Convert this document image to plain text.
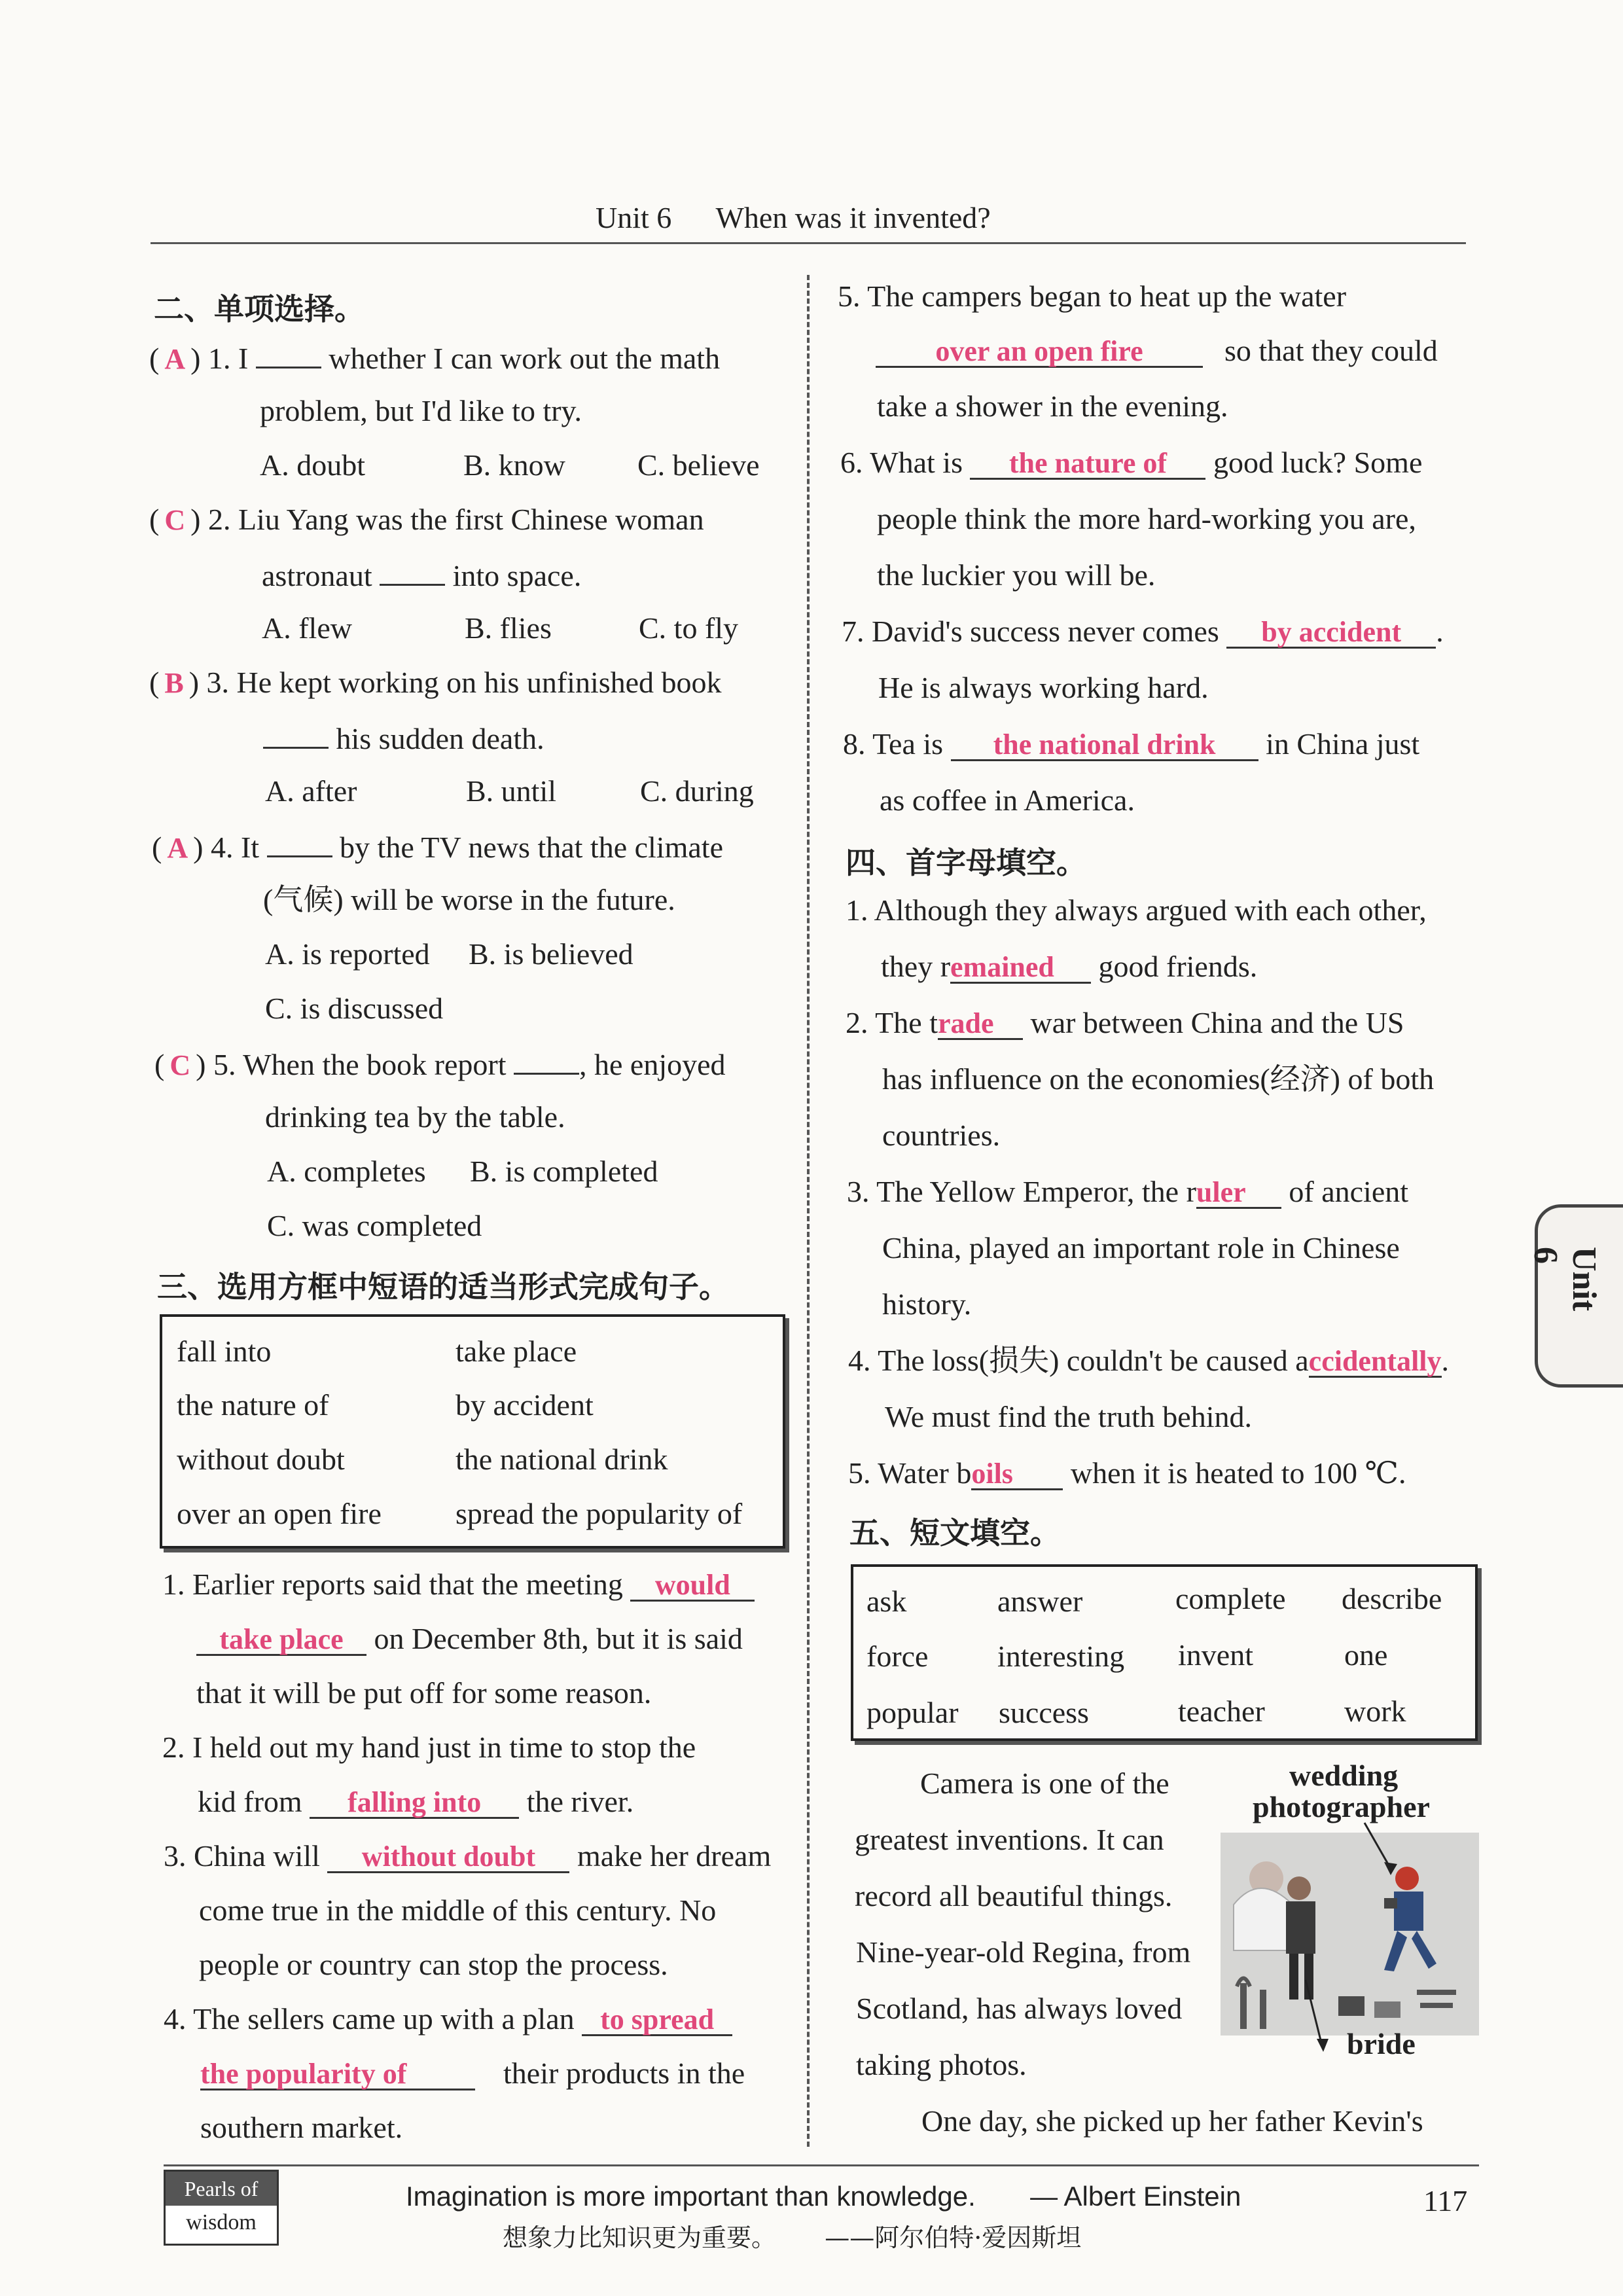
Unit 6 When was it invented?
二、单项选择。
( A ) 1. I	whether I can work out the math
problem, but I'd like to try.
A. doubt	B. know C. believe
( C ) 2. Liu Yang was the first Chinese woman
astronaut	into space.
A. flew	B. flies	C. to fly
( B ) 3. He kept working on his unfinished book
his sudden death.
A. after	B. until	C. during
( A ) 4. It	by the TV news that the climate
(气候) will be worse in the future.
A. is reported B. is believed
C. is discussed
( C ) 5. When the book report , he enjoyed
drinking tea by the table.
A. completes B. is completed
C. was completed
三、选用方框中短语的适当形式完成句子。
fall into	take place
the nature of	by accident
without doubt	the national drink
over an open fire spread the popularity of
1. Earlier reports said that the meeting would
take place on December 8th, but it is said
that it will be put off for some reason.
2. I held out my hand just in time to stop the
kid from falling into the river.
3. China will without doubt make her dream
come true in the middle of this century. No
people or country can stop the process.
4. The sellers came up with a plan to spread
the popularity of	their products in the
southern market.
5. The campers began to heat up the water
over an open fire	so that they could
take a shower in the evening.
6. What is the nature of good luck? Some
people think the more hard-working you are,
the luckier you will be.
7. David's success never comes by accident .
He is always working hard.
8. Tea is the national drink in China just
as coffee in America.
四、首字母填空。
1. Although they always argued with each other,
they remained good friends.
2. The trade war between China and the US
has influence on the economies(经济) of both
countries.
3. The Yellow Emperor, the ruler of ancient
China, played an important role in Chinese
history.
4. The loss(损失) couldn't be caused accidentally.
We must find the truth behind.
5. Water boils when it is heated to 100 ℃.
五、短文填空。
ask	answer	complete describe
force interesting invent	one
popular success	teacher	work
Camera is one of the
greatest inventions. It can
record all beautiful things.
Nine-year-old Regina, from
Scotland, has always loved
taking photos.
One day, she picked up her father Kevin's
wedding
photographer
bride
Unit 6
Pearls of
wisdom
Imagination is more important than knowledge. — Albert Einstein
想象力比知识更为重要。 ——阿尔伯特·爱因斯坦
117
